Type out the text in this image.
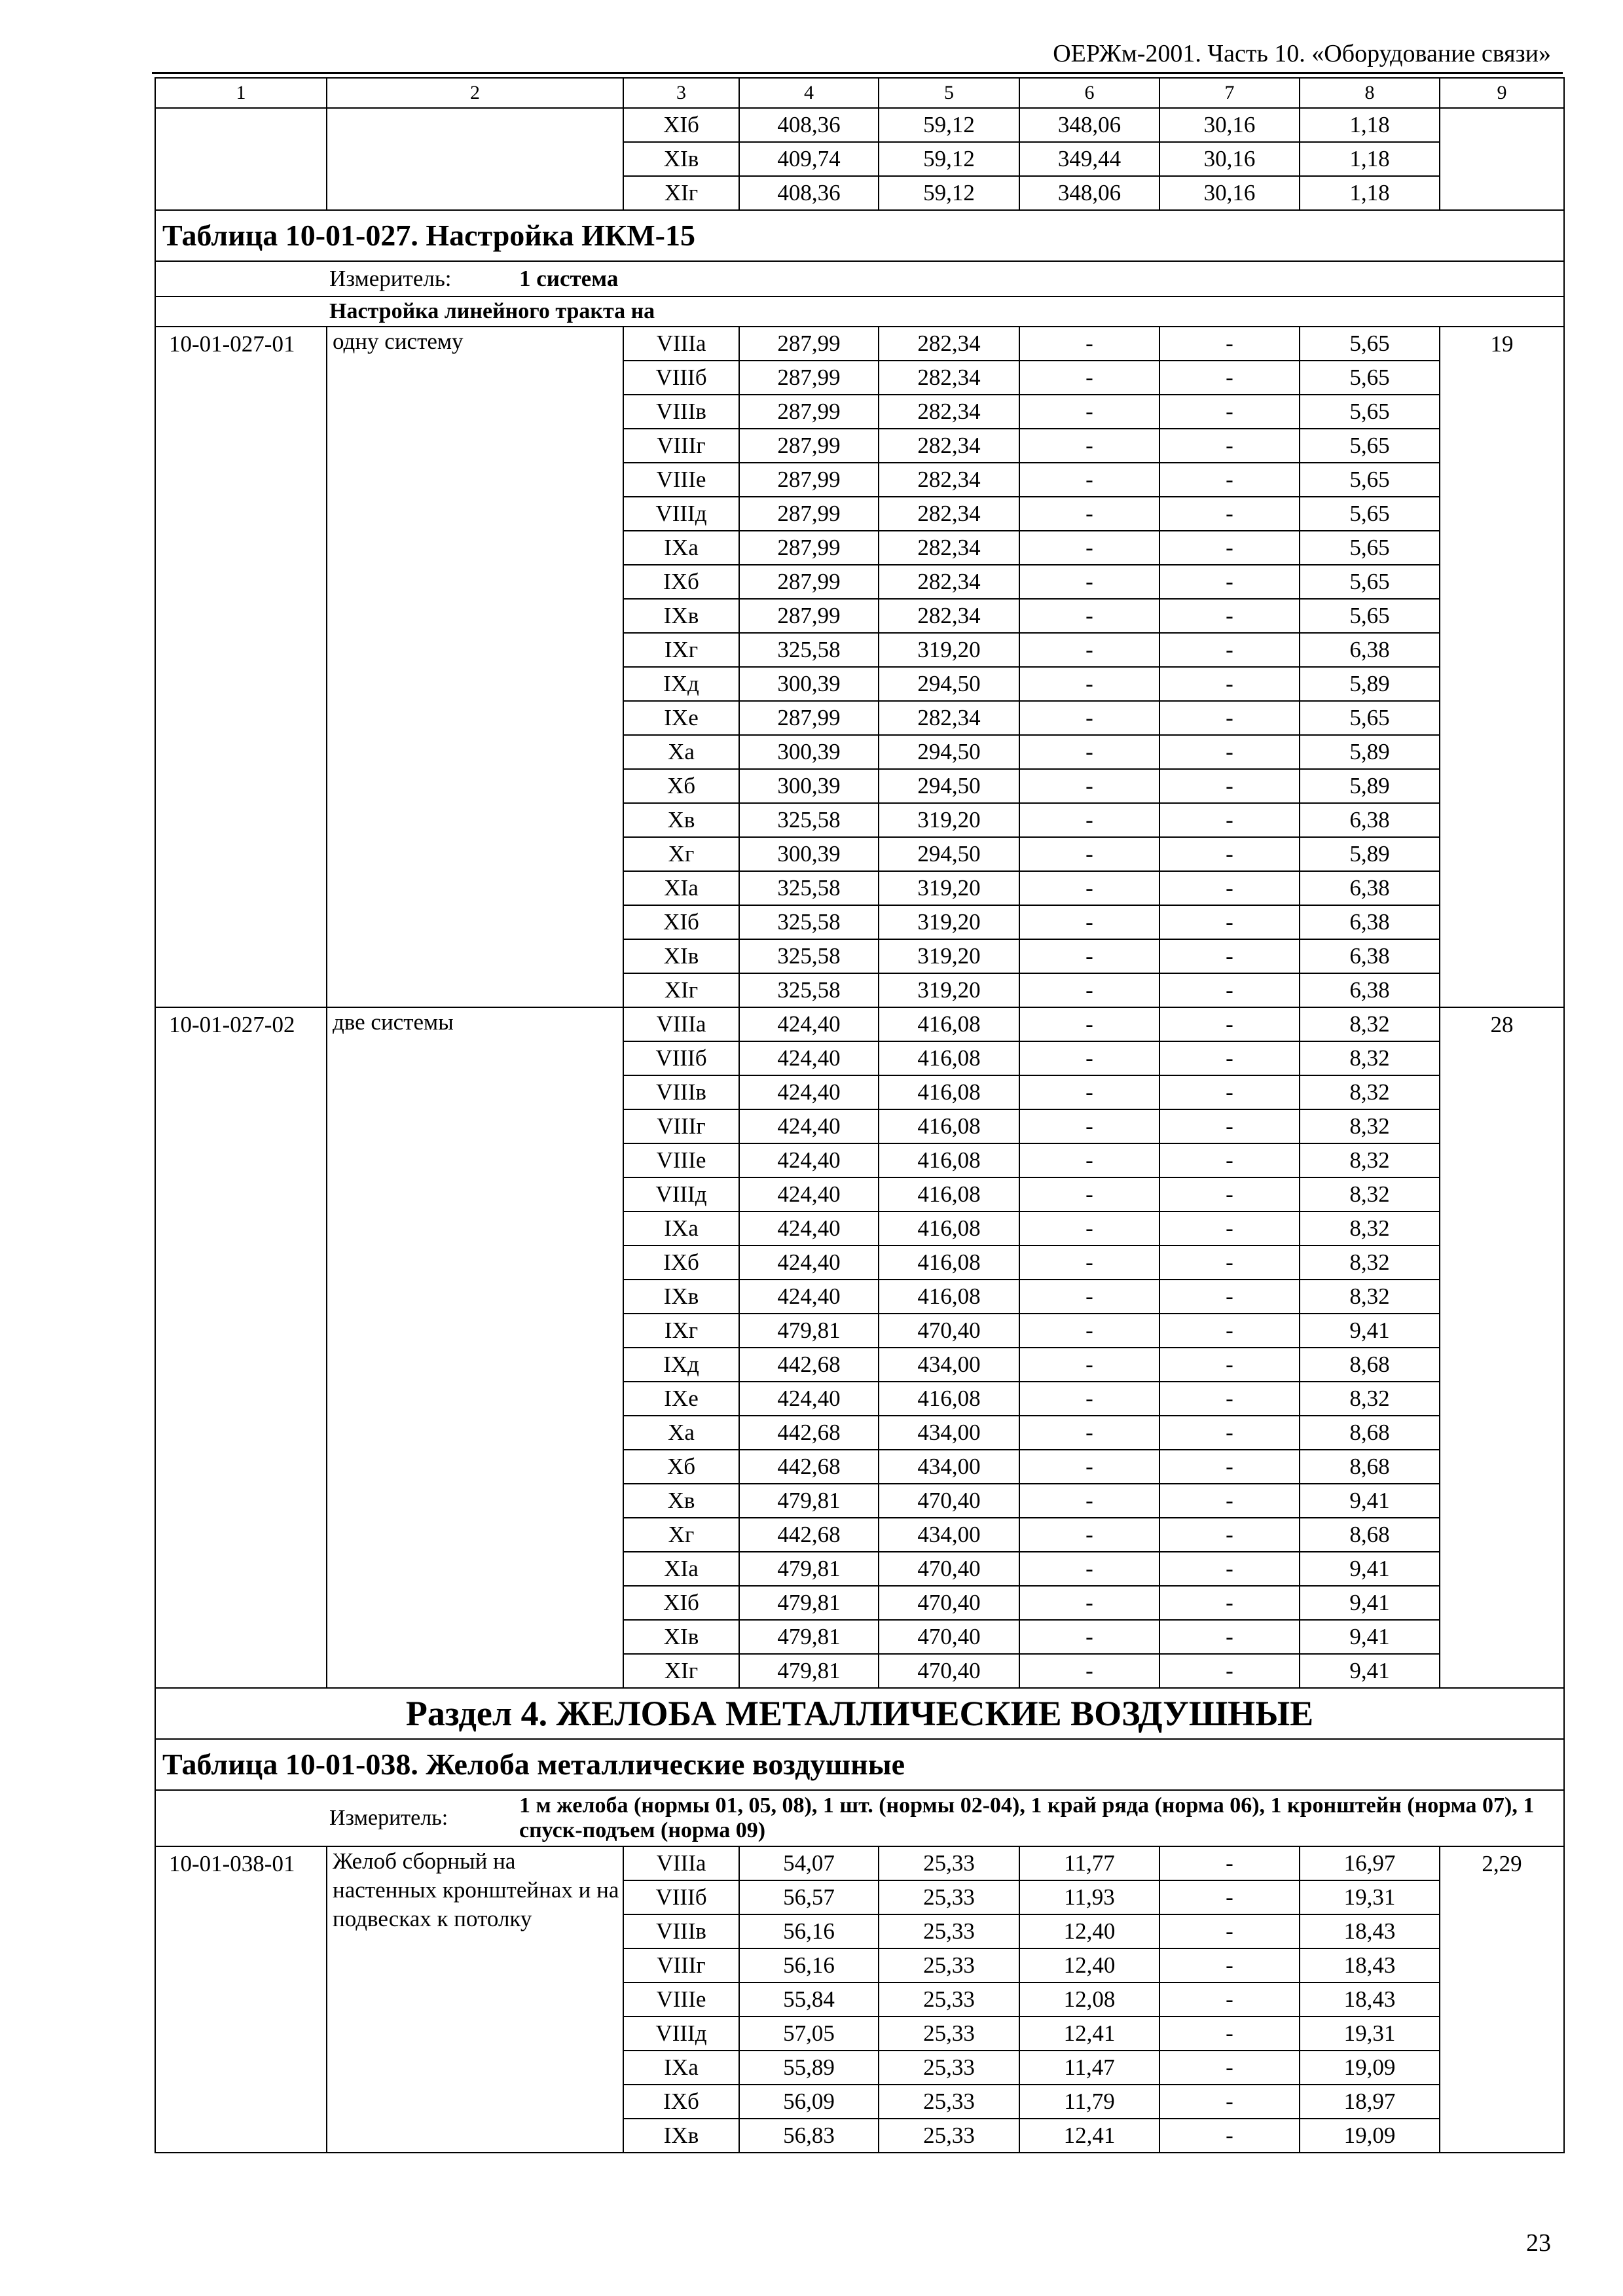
ОЕРЖм-2001. Часть 10. «Оборудование связи»
1	2	3	4	5	6	7	8	9
		XIб	408,36	59,12	348,06	30,16	1,18	
		XIв	409,74	59,12	349,44	30,16	1,18	
		XIг	408,36	59,12	348,06	30,16	1,18	
Таблица 10-01-027. Настройка ИКМ-15								
Измеритель: 1 система								
Настройка линейного тракта на								
10-01-027-01	одну систему	VIIIа	287,99	282,34	-	-	5,65	19
		VIIIб	287,99	282,34	-	-	5,65	
		VIIIв	287,99	282,34	-	-	5,65	
		VIIIг	287,99	282,34	-	-	5,65	
		VIIIе	287,99	282,34	-	-	5,65	
		VIIIд	287,99	282,34	-	-	5,65	
		IXа	287,99	282,34	-	-	5,65	
		IXб	287,99	282,34	-	-	5,65	
		IXв	287,99	282,34	-	-	5,65	
		IXг	325,58	319,20	-	-	6,38	
		IXд	300,39	294,50	-	-	5,89	
		IXе	287,99	282,34	-	-	5,65	
		Xа	300,39	294,50	-	-	5,89	
		Xб	300,39	294,50	-	-	5,89	
		Xв	325,58	319,20	-	-	6,38	
		Xг	300,39	294,50	-	-	5,89	
		XIа	325,58	319,20	-	-	6,38	
		XIб	325,58	319,20	-	-	6,38	
		XIв	325,58	319,20	-	-	6,38	
		XIг	325,58	319,20	-	-	6,38	
10-01-027-02	две системы	VIIIа	424,40	416,08	-	-	8,32	28
		VIIIб	424,40	416,08	-	-	8,32	
		VIIIв	424,40	416,08	-	-	8,32	
		VIIIг	424,40	416,08	-	-	8,32	
		VIIIе	424,40	416,08	-	-	8,32	
		VIIIд	424,40	416,08	-	-	8,32	
		IXа	424,40	416,08	-	-	8,32	
		IXб	424,40	416,08	-	-	8,32	
		IXв	424,40	416,08	-	-	8,32	
		IXг	479,81	470,40	-	-	9,41	
		IXд	442,68	434,00	-	-	8,68	
		IXе	424,40	416,08	-	-	8,32	
		Xа	442,68	434,00	-	-	8,68	
		Xб	442,68	434,00	-	-	8,68	
		Xв	479,81	470,40	-	-	9,41	
		Xг	442,68	434,00	-	-	8,68	
		XIа	479,81	470,40	-	-	9,41	
		XIб	479,81	470,40	-	-	9,41	
		XIв	479,81	470,40	-	-	9,41	
		XIг	479,81	470,40	-	-	9,41	
Раздел 4. ЖЕЛОБА МЕТАЛЛИЧЕСКИЕ ВОЗДУШНЫЕ								
Таблица 10-01-038. Желоба металлические воздушные								

Измеритель:
1 м желоба (нормы 01, 05, 08), 1 шт. (нормы 02-04), 1 край ряда (норма 06), 1 кронштейн (норма 07), 1 спуск-подъем (норма 09)								

10-01-038-01	Желоб сборный на настенных кронштейнах и на подвесках к потолку	VIIIа	54,07	25,33	11,77	-	16,97	2,29
		VIIIб	56,57	25,33	11,93	-	19,31	
		VIIIв	56,16	25,33	12,40	-	18,43	
		VIIIг	56,16	25,33	12,40	-	18,43	
		VIIIе	55,84	25,33	12,08	-	18,43	
		VIIIд	57,05	25,33	12,41	-	19,31	
		IXа	55,89	25,33	11,47	-	19,09	
		IXб	56,09	25,33	11,79	-	18,97	
		IXв	56,83	25,33	12,41	-	19,09	
23
